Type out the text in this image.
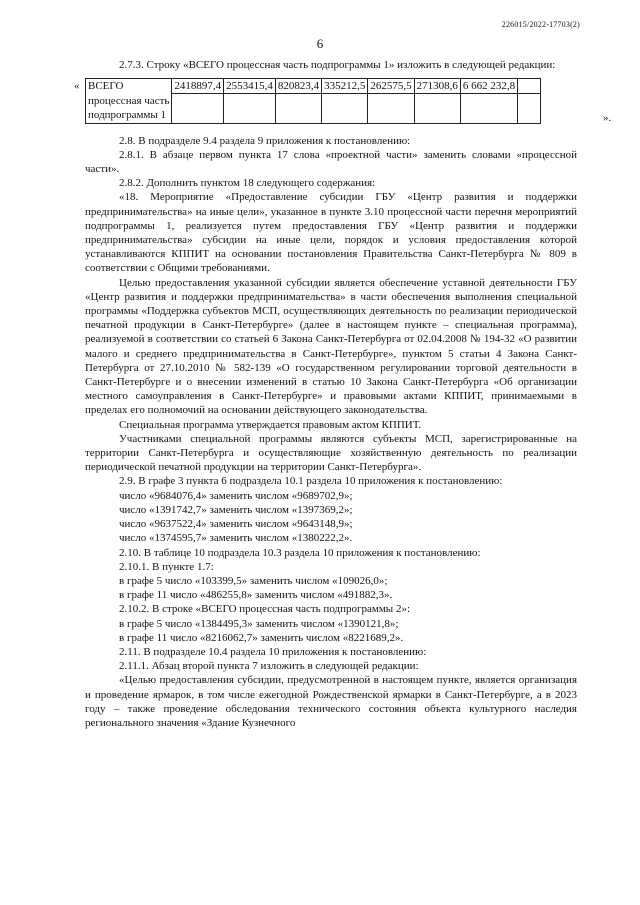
226015/2022-17703(2)
6

2.7.3. Строку «ВСЕГО процессная часть подпрограммы 1» изложить в следующей редакции:

« ВСЕГО	2418897,4	2553415,4	820823,4	335212,5	262575,5	271308,6	6 662 232,8	
процессная часть								
подпрограммы 1									».

2.8. В подразделе 9.4 раздела 9 приложения к постановлению:

2.8.1. В абзаце первом пункта 17 слова «проектной части» заменить словами «процессной части».

2.8.2. Дополнить пунктом 18 следующего содержания:

«18. Мероприятие «Предоставление субсидии ГБУ «Центр развития и поддержки предпринимательства» на иные цели», указанное в пункте 3.10 процессной части перечня мероприятий подпрограммы 1, реализуется путем предоставления ГБУ «Центр развития и поддержки предпринимательства» субсидии на иные цели, порядок и условия предоставления которой устанавливаются КППИТ на основании постановления Правительства Санкт-Петербурга № 809 в соответствии с Общими требованиями.

Целью предоставления указанной субсидии является обеспечение уставной деятельности ГБУ «Центр развития и поддержки предпринимательства» в части обеспечения выполнения специальной программы «Поддержка субъектов МСП, осуществляющих деятельность по реализации периодической печатной продукции в Санкт-Петербурге» (далее в настоящем пункте – специальная программа), реализуемой в соответствии со статьей 6 Закона Санкт-Петербурга от 02.04.2008 № 194-32 «О развитии малого и среднего предпринимательства в Санкт-Петербурге», пунктом 5 статьи 4 Закона Санкт-Петербурга от 27.10.2010 № 582-139 «О государственном регулировании торговой деятельности в Санкт-Петербурге и о внесении изменений в статью 10 Закона Санкт-Петербурга «Об организации местного самоуправления в Санкт-Петербурге» и правовыми актами КППИТ, принимаемыми в пределах его полномочий на основании действующего законодательства.

Специальная программа утверждается правовым актом КППИТ.

Участниками специальной программы являются субъекты МСП, зарегистрированные на территории Санкт-Петербурга и осуществляющие хозяйственную деятельность по реализации периодической печатной продукции на территории Санкт-Петербурга».

2.9. В графе 3 пункта 6 подраздела 10.1 раздела 10 приложения к постановлению:

число «9684076,4» заменить числом «9689702,9»;

число «1391742,7» заменить числом «1397369,2»;

число «9637522,4» заменить числом «9643148,9»;

число «1374595,7» заменить числом «1380222,2».

2.10. В таблице 10 подраздела 10.3 раздела 10 приложения к постановлению:

2.10.1. В пункте 1.7:

в графе 5 число «103399,5» заменить числом «109026,0»;

в графе 11 число «486255,8» заменить числом «491882,3».

2.10.2. В строке «ВСЕГО процессная часть подпрограммы 2»:

в графе 5 число «1384495,3» заменить числом «1390121,8»;

в графе 11 число «8216062,7» заменить числом «8221689,2».

2.11. В подразделе 10.4 раздела 10 приложения к постановлению:

2.11.1. Абзац второй пункта 7 изложить в следующей редакции:

«Целью предоставления субсидии, предусмотренной в настоящем пункте, является организация и проведение ярмарок, в том числе ежегодной Рождественской ярмарки в Санкт-Петербурге, а в 2023 году – также проведение обследования технического состояния объекта культурного наследия регионального значения «Здание Кузнечного
